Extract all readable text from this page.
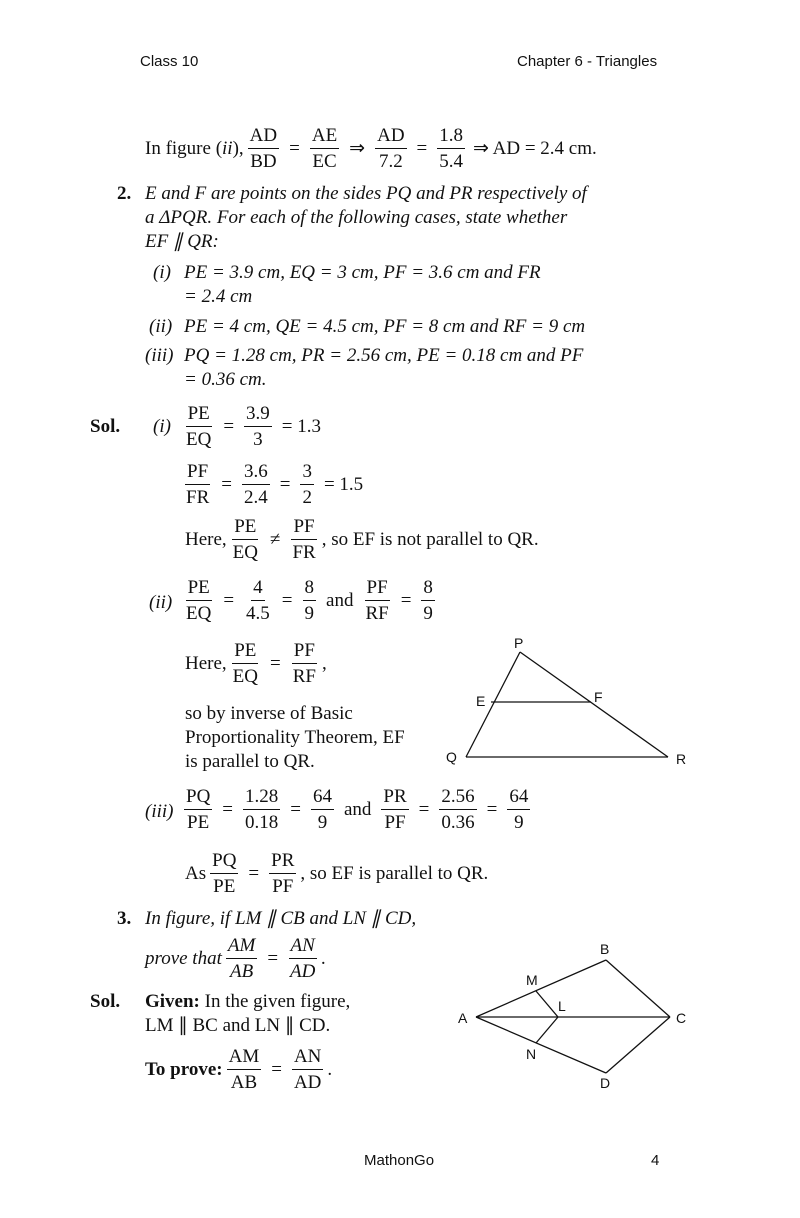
Class 10	Chapter 6 - Triangles
In figure ( ii ), $\frac{AD}{BD} = \frac{AE}{EC}$ ⇒ $\frac{AD}{7.2} = \frac{1.8}{5.4}$ ⇒ AD = 2.4 cm.
2. E and F are points on the sides PQ and PR respectively of
a ΔPQR. For each of the following cases, state whether
EF ∥ QR:
(i) PE = 3.9 cm, EQ = 3 cm, PF = 3.6 cm and FR
= 2.4 cm
(ii) PE = 4 cm, QE = 4.5 cm, PF = 8 cm and RF = 9 cm
(iii) PQ = 1.28 cm, PR = 2.56 cm, PE = 0.18 cm and PF
= 0.36 cm.
Sol. $(i) \frac{PE}{EQ} = \frac{3.9}{3} = 1.3$
$\frac{PF}{FR} = \frac{3.6}{2.4} = \frac{3}{2} = 1.5$
Here, $\frac{PE}{EQ} \ne \frac{PF}{FR}$ , so EF is not parallel to QR.
$(ii) \frac{PE}{EQ} = \frac{4}{4.5} = \frac{8}{9}$ and $\frac{PF}{RF} = \frac{8}{9}$
Here, $\frac{PE}{EQ} = \frac{PF}{RF}$ ,
so by inverse of Basic
Proportionality Theorem, EF
is parallel to QR.
P
E	F
Q	R
$(iii) \frac{PQ}{PE} = \frac{1.28}{0.18} = \frac{64}{9}$ and $\frac{PR}{PF} = \frac{2.56}{0.36} = \frac{64}{9}$
As $\frac{PQ}{PE} = \frac{PR}{PF}$ , so EF is parallel to QR.
3. In figure, if LM ∥ CB and LN ∥ CD,
prove that $\frac{AM}{AB} = \frac{AN}{AD}$ .
Sol. Given: In the given figure,
LM ∥ BC and LN ∥ CD.
To prove: $\frac{AM}{AB} = \frac{AN}{AD}$ .
A
B
C
D
M
L
N
MathonGo	4
